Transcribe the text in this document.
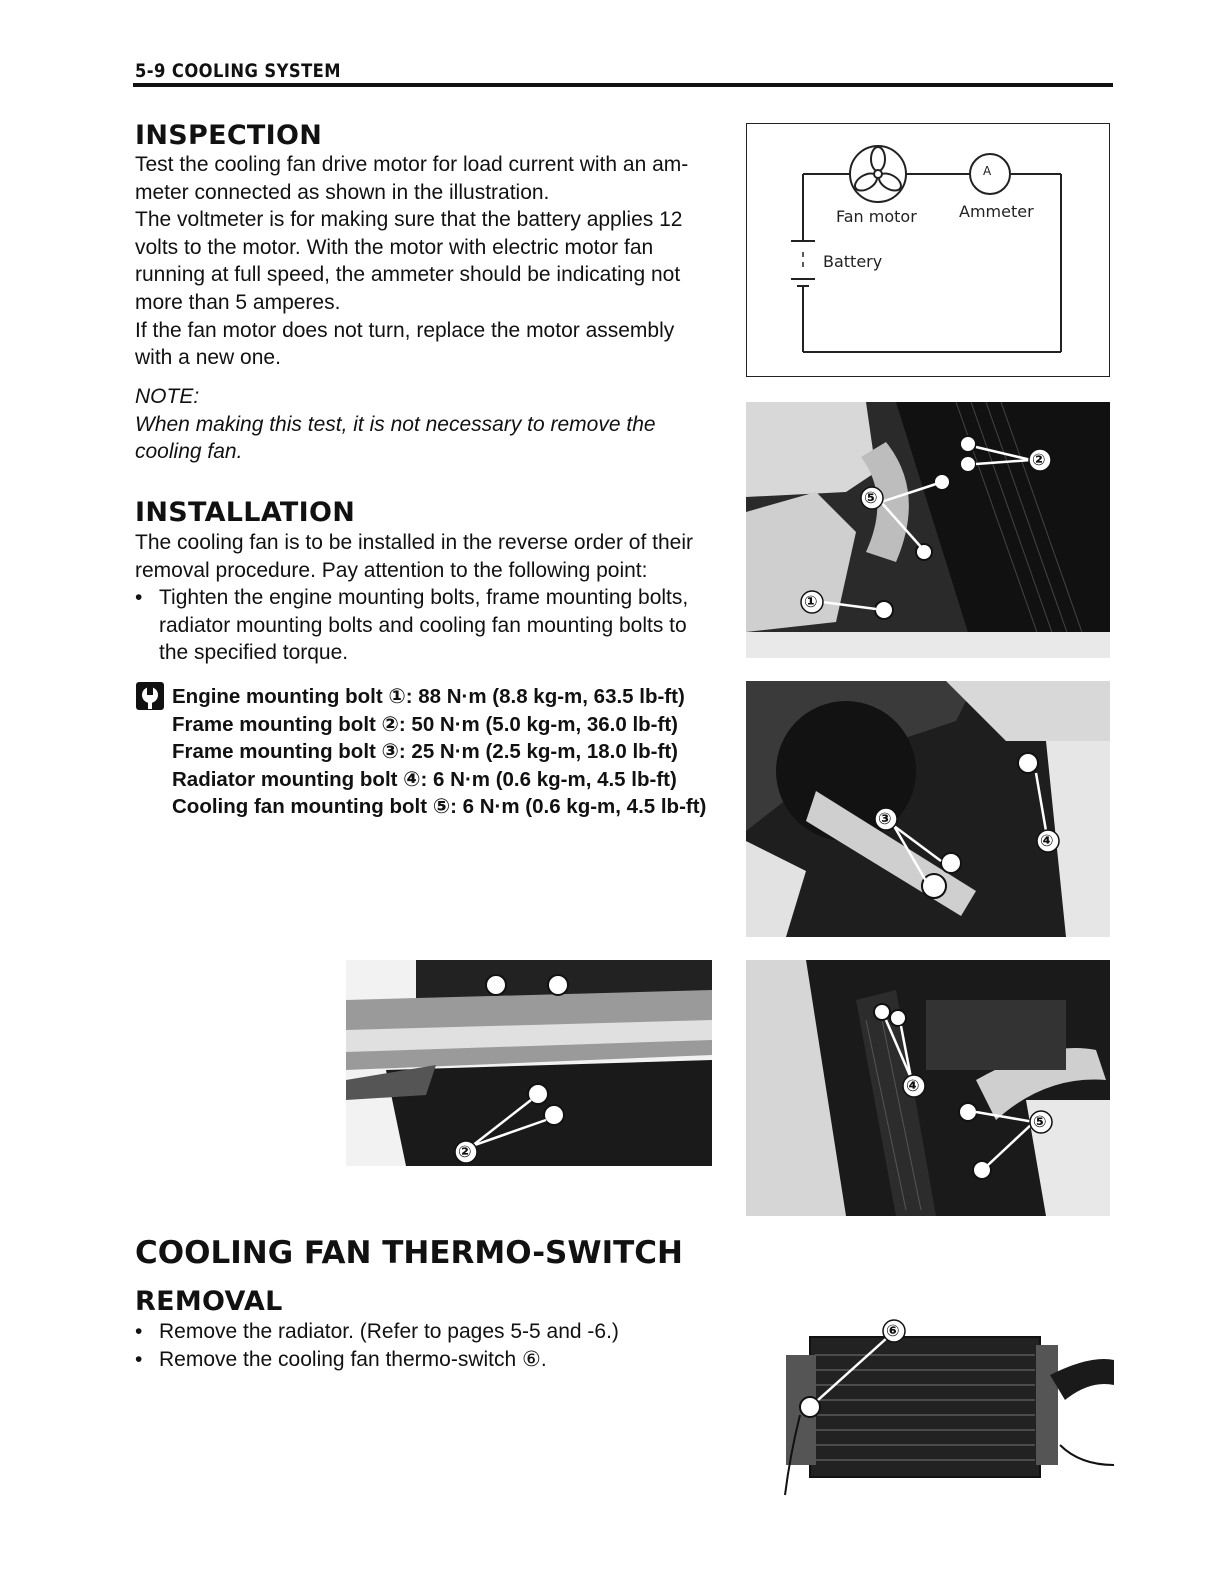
5-9 COOLING SYSTEM
INSPECTION

Test the cooling fan drive motor for load current with an am-meter connected as shown in the illustration.

The voltmeter is for making sure that the battery applies 12 volts to the motor. With the motor with electric motor fan running at full speed, the ammeter should be indicating not more than 5 amperes.

If the fan motor does not turn, replace the motor assembly with a new one.

NOTE:
When making this test, it is not necessary to remove the cooling fan.
INSTALLATION

The cooling fan is to be installed in the reverse order of their removal procedure. Pay attention to the following point:

• Tighten the engine mounting bolts, frame mounting bolts, radiator mounting bolts and cooling fan mounting bolts to the specified torque.
Engine mounting bolt ①: 88 N·m (8.8 kg-m, 63.5 lb-ft)
Frame mounting bolt ②: 50 N·m (5.0 kg-m, 36.0 lb-ft)
Frame mounting bolt ③: 25 N·m (2.5 kg-m, 18.0 lb-ft)
Radiator mounting bolt ④: 6 N·m (0.6 kg-m, 4.5 lb-ft)
Cooling fan mounting bolt ⑤: 6 N·m (0.6 kg-m, 4.5 lb-ft)
A
Fan motor	Ammeter
Battery
②
⑤
①
③
④
②
④
⑤
COOLING FAN THERMO-SWITCH
REMOVAL
• Remove the radiator. (Refer to pages 5-5 and -6.)
• Remove the cooling fan thermo-switch ⑥.
⑥
